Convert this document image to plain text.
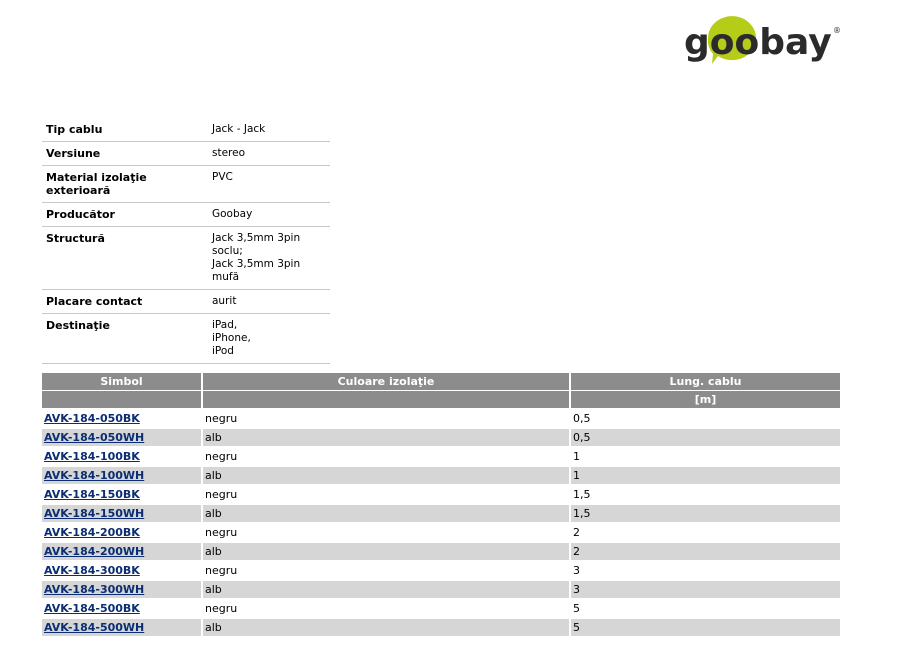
goobay ®
Tip cablu	Jack - Jack

Versiune	stereo

Material izolaţie exterioară	PVC

Producător	Goobay

Structură	Jack 3,5mm 3pin soclu;
Jack 3,5mm 3pin mufă

Placare contact	aurit

Destinaţie	iPad,
iPhone,
iPod
Simbol	Culoare izolaţie	Lung. cablu
		[m]
AVK-184-050BK	negru	0,5
AVK-184-050WH	alb	0,5
AVK-184-100BK	negru	1
AVK-184-100WH	alb	1
AVK-184-150BK	negru	1,5
AVK-184-150WH	alb	1,5
AVK-184-200BK	negru	2
AVK-184-200WH	alb	2
AVK-184-300BK	negru	3
AVK-184-300WH	alb	3
AVK-184-500BK	negru	5
AVK-184-500WH	alb	5
